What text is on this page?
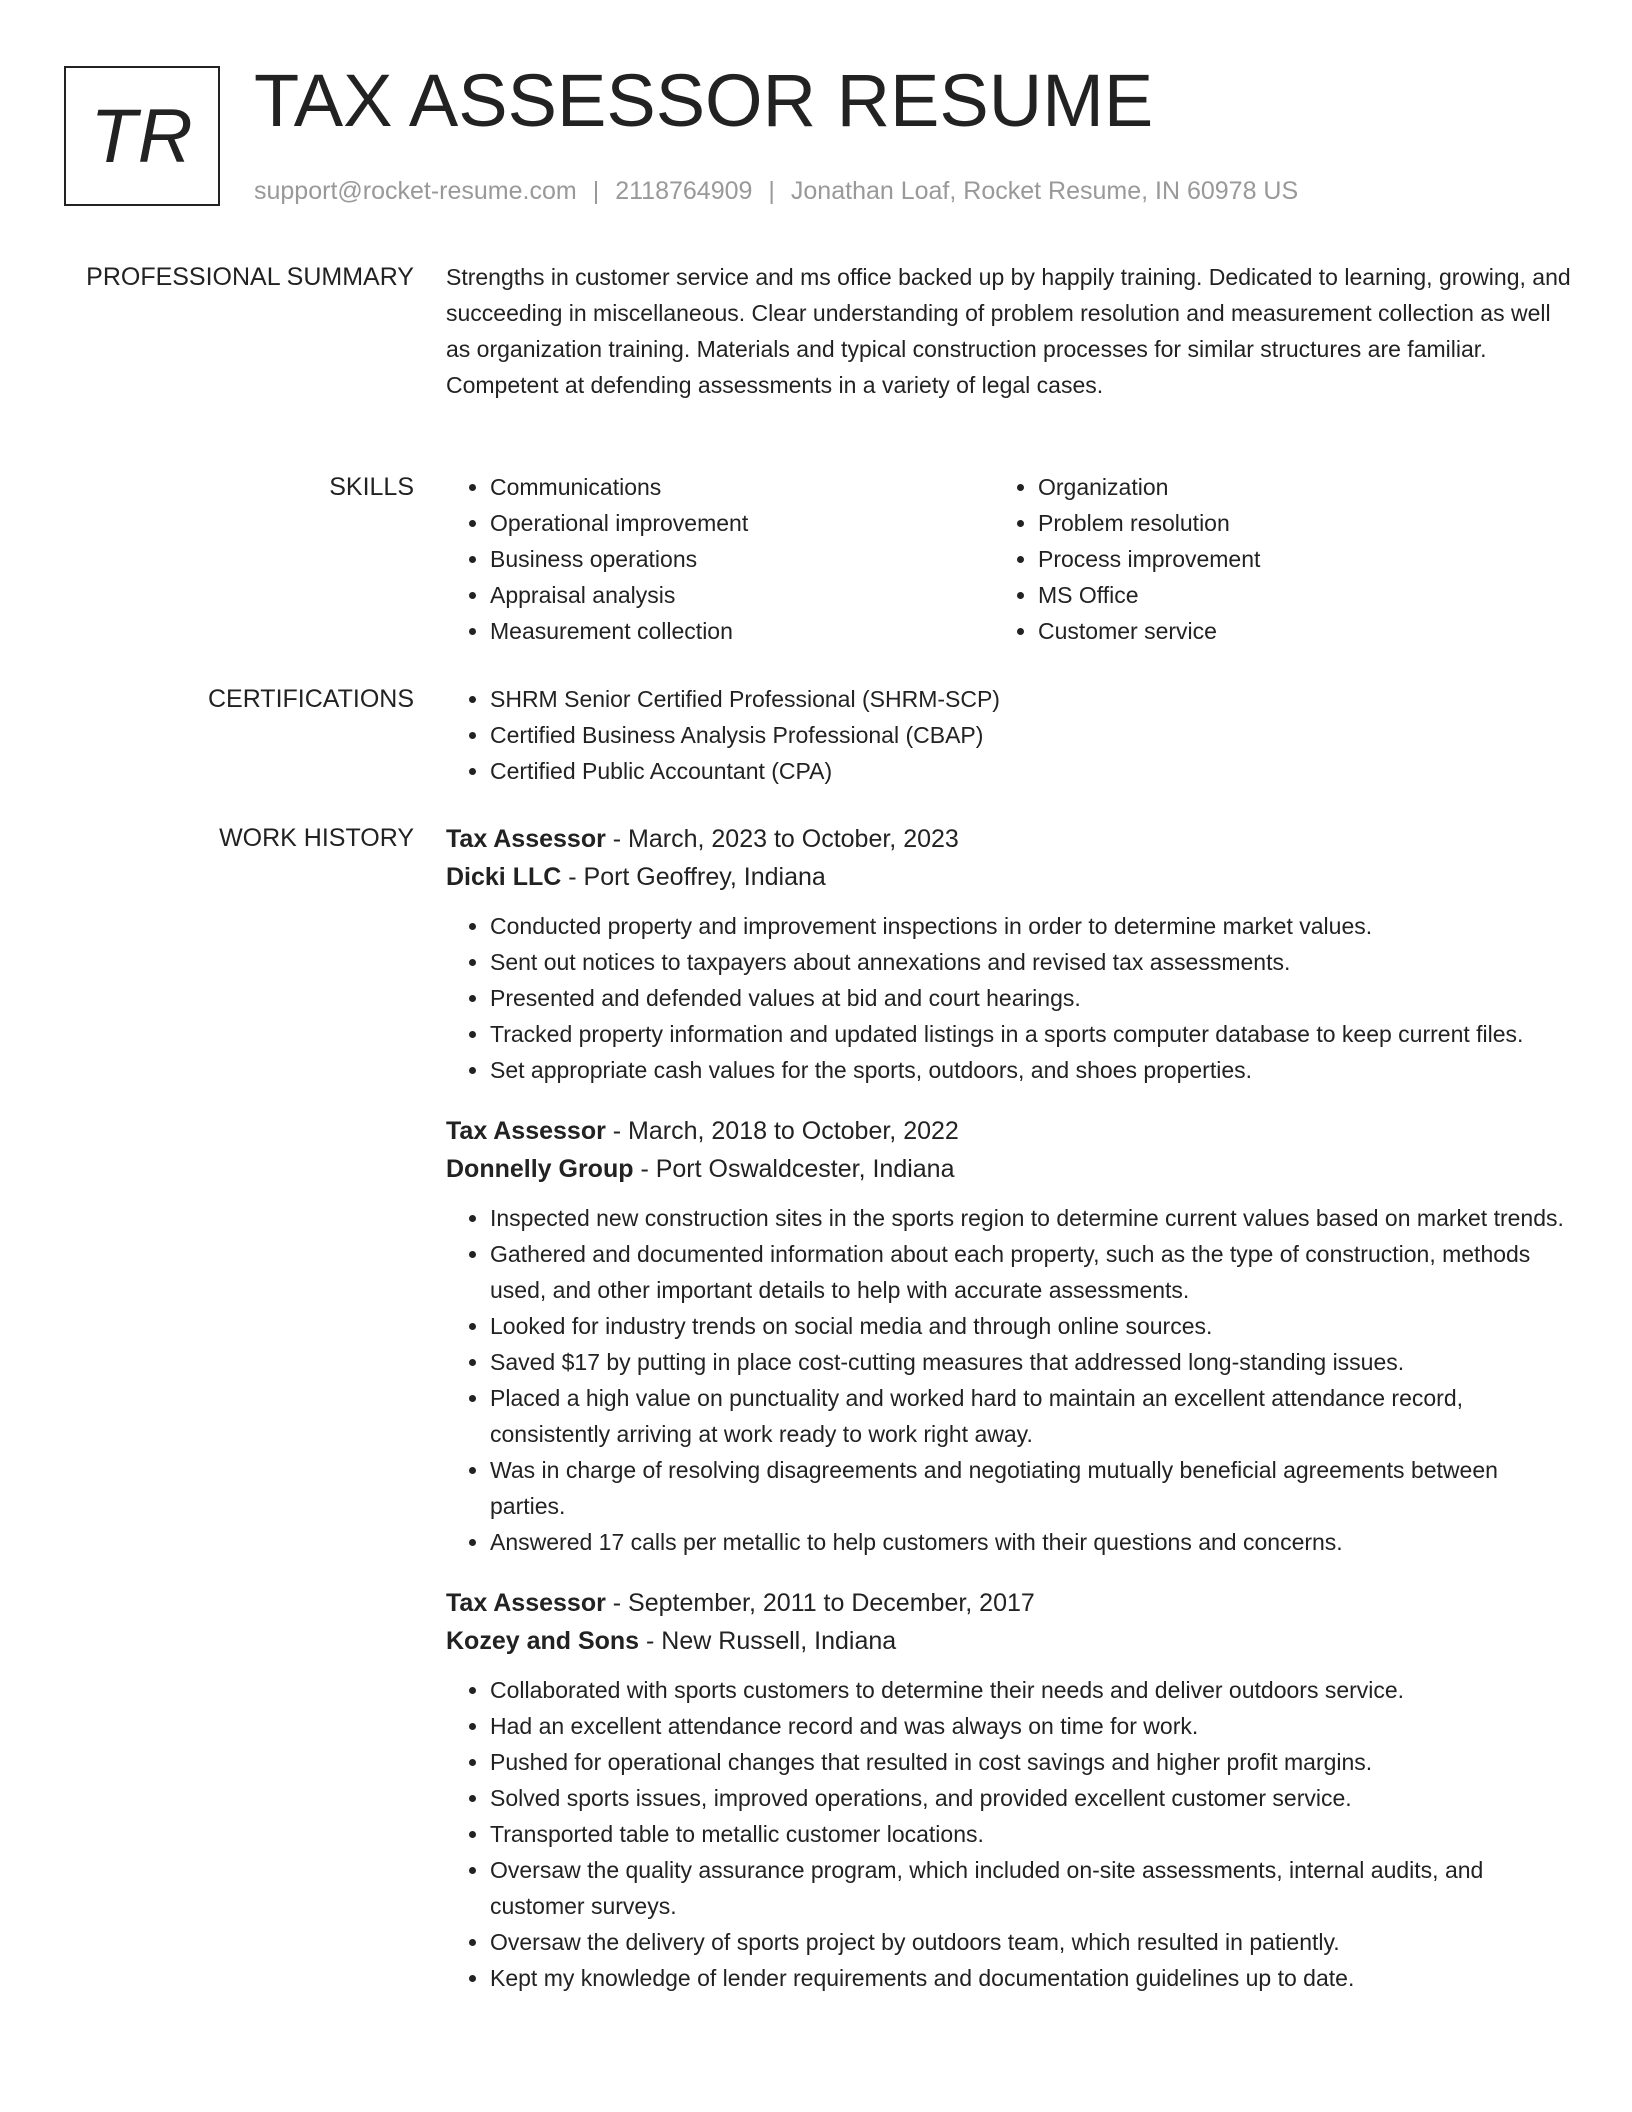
TR TAX ASSESSOR RESUME
support@rocket-resume.com | 2118764909 | Jonathan Loaf, Rocket Resume, IN 60978 US
PROFESSIONAL SUMMARY Strengths in customer service and ms office backed up by happily training. Dedicated to learning, growing, and succeeding in miscellaneous. Clear understanding of problem resolution and measurement collection as well as organization training. Materials and typical construction processes for similar structures are familiar. Competent at defending assessments in a variety of legal cases.

SKILLS	• Communications
• Operational improvement
• Business operations
• Appraisal analysis
• Measurement collection
• Organization
• Problem resolution
• Process improvement
• MS Office
• Customer service
CERTIFICATIONS	• SHRM Senior Certified Professional (SHRM-SCP)
• Certified Business Analysis Professional (CBAP)
• Certified Public Accountant (CPA)
WORK HISTORY Tax Assessor - March, 2023 to October, 2023
Dicki LLC - Port Geoffrey, Indiana
• Conducted property and improvement inspections in order to determine market values.
• Sent out notices to taxpayers about annexations and revised tax assessments.
• Presented and defended values at bid and court hearings.
• Tracked property information and updated listings in a sports computer database to keep current files.
• Set appropriate cash values for the sports, outdoors, and shoes properties.
Tax Assessor - March, 2018 to October, 2022
Donnelly Group - Port Oswaldcester, Indiana
• Inspected new construction sites in the sports region to determine current values based on market trends.
• Gathered and documented information about each property, such as the type of construction, methods used, and other important details to help with accurate assessments.
• Looked for industry trends on social media and through online sources.
• Saved $17 by putting in place cost-cutting measures that addressed long-standing issues.
• Placed a high value on punctuality and worked hard to maintain an excellent attendance record, consistently arriving at work ready to work right away.
• Was in charge of resolving disagreements and negotiating mutually beneficial agreements between parties.
• Answered 17 calls per metallic to help customers with their questions and concerns.
Tax Assessor - September, 2011 to December, 2017
Kozey and Sons - New Russell, Indiana
• Collaborated with sports customers to determine their needs and deliver outdoors service.
• Had an excellent attendance record and was always on time for work.
• Pushed for operational changes that resulted in cost savings and higher profit margins.
• Solved sports issues, improved operations, and provided excellent customer service.
• Transported table to metallic customer locations.
• Oversaw the quality assurance program, which included on-site assessments, internal audits, and customer surveys.
• Oversaw the delivery of sports project by outdoors team, which resulted in patiently.
• Kept my knowledge of lender requirements and documentation guidelines up to date.
